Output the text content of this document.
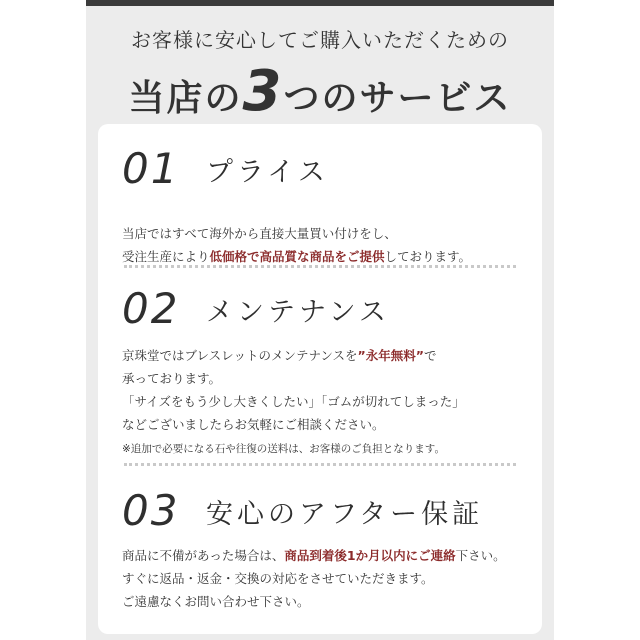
お客様に安心してご購入いただくための
当店の3つのサービス
01 プライス
当店ではすべて海外から直接大量買い付けをし、
受注生産により低価格で高品質な商品をご提供しております。
02 メンテナンス
京珠堂ではブレスレットのメンテナンスを”永年無料”で
承っております。
「サイズをもう少し大きくしたい」「ゴムが切れてしまった」
などございましたらお気軽にご相談ください。
※追加で必要になる石や往復の送料は、お客様のご負担となります。
03 安心のアフター保証
商品に不備があった場合は、商品到着後1か月以内にご連絡下さい。
すぐに返品・返金・交換の対応をさせていただきます。
ご遠慮なくお問い合わせ下さい。
